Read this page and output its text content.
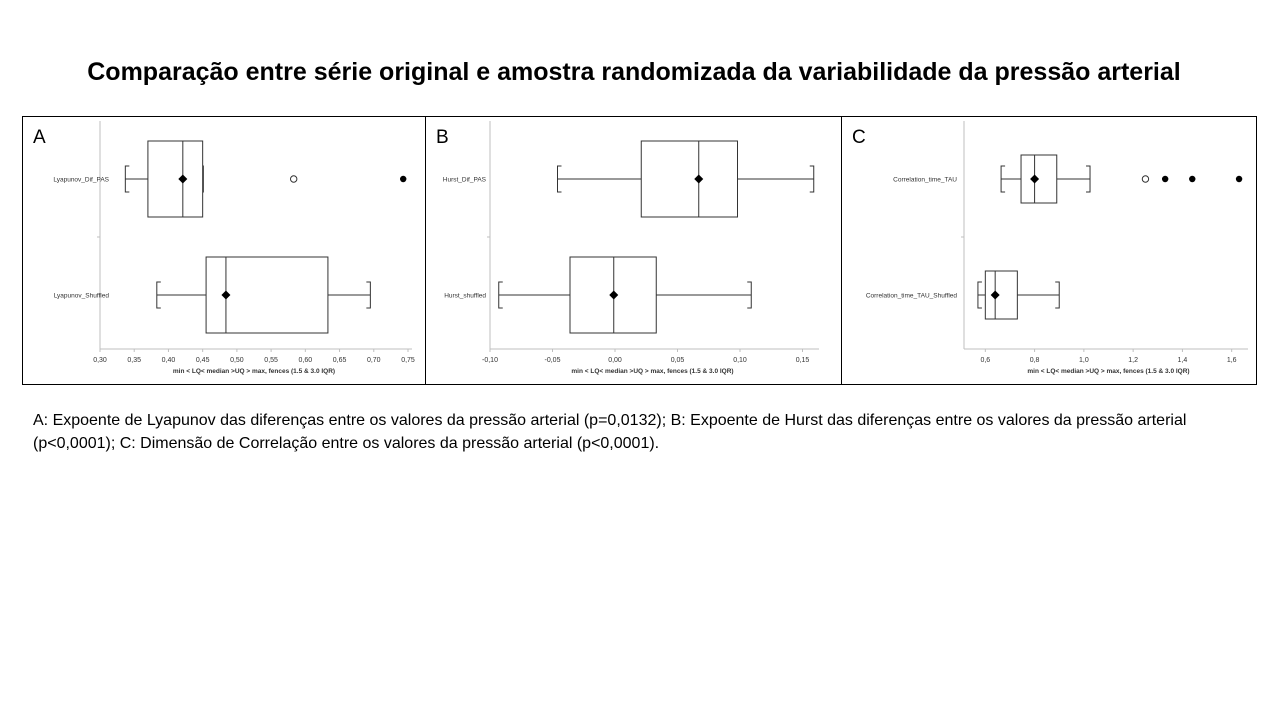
Comparação entre série original e amostra randomizada da variabilidade da pressão arterial
A
0,30	0,35	0,40	0,45	0,50	0,55	0,60	0,65	0,70	0,75
min < LQ< median >UQ > max, fences (1.5 & 3.0 IQR)
Lyapunov_Dif_PAS
Lyapunov_Shuffled
B
-0,10	-0,05	0,00	0,05	0,10	0,15
min < LQ< median >UQ > max, fences (1.5 & 3.0 IQR)
Hurst_Dif_PAS
Hurst_shuffled
C
0,6	0,8	1,0	1,2	1,4	1,6
min < LQ< median >UQ > max, fences (1.5 & 3.0 IQR)
Correlation_time_TAU
Correlation_time_TAU_Shuffled
A: Expoente de Lyapunov das diferenças entre os valores da pressão arterial (p=0,0132); B: Expoente de Hurst das diferenças entre os valores da pressão arterial (p<0,0001); C: Dimensão de Correlação entre os valores da pressão arterial (p<0,0001).
